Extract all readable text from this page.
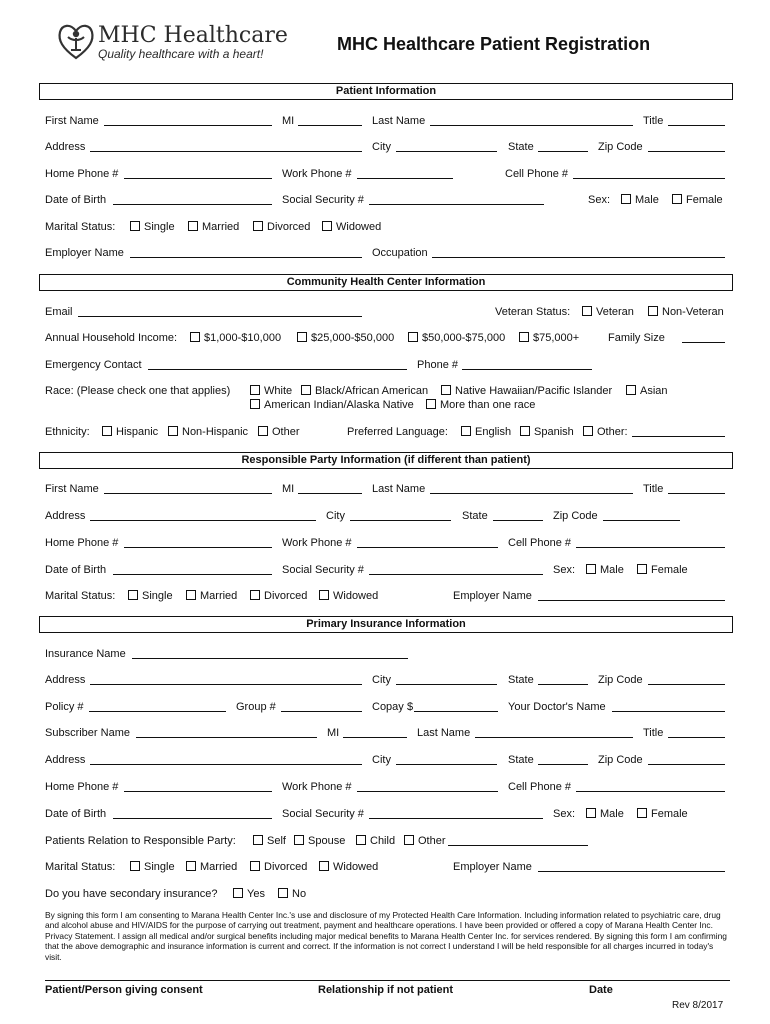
MHC Healthcare
Quality healthcare with a heart!	MHC Healthcare Patient Registration
Patient Information
First Name	MI	Last Name	Title
Address	City	State	Zip Code
Home Phone #	Work Phone #	Cell Phone #
Date of Birth	Social Security #	Sex:	Male	Female
Marital Status:	Single	Married	Divorced	Widowed
Employer Name	Occupation
Community Health Center Information
Email	Veteran Status:	Veteran	Non-Veteran
Annual Household Income:	$1,000-$10,000	$25,000-$50,000	$50,000-$75,000	$75,000+	Family Size
Emergency Contact	Phone #
Race: (Please check one that applies)	White	Black/African American	Native Hawaiian/Pacific Islander	Asian
American Indian/Alaska Native	More than one race
Ethnicity:	Hispanic	Non-Hispanic	Other	Preferred Language:	English	Spanish	Other:
Responsible Party Information (if different than patient)
First Name	MI	Last Name	Title
Address	City	State	Zip Code
Home Phone #	Work Phone #	Cell Phone #
Date of Birth	Social Security #	Sex:	Male	Female
Marital Status:	Single	Married	Divorced	Widowed	Employer Name
Primary Insurance Information
Insurance Name
Address	City	State	Zip Code
Policy #	Group #	Copay $	Your Doctor's Name
Subscriber Name	MI	Last Name	Title
Address	City	State	Zip Code
Home Phone #	Work Phone #	Cell Phone #
Date of Birth	Social Security #	Sex:	Male	Female
Patients Relation to Responsible Party:	Self	Spouse	Child	Other
Marital Status:	Single	Married	Divorced	Widowed	Employer Name
Do you have secondary insurance?	Yes	No
By signing this form I am consenting to Marana Health Center Inc.'s use and disclosure of my Protected Health Care Information. Including information related to psychiatric care, drug and alcohol abuse and HIV/AIDS for the purpose of carrying out treatment, payment and healthcare operations. I have been provided or offered a copy of Marana Health Center Inc. Privacy Statement. I assign all medical and/or surgical benefits including major medical benefits to Marana Health Center Inc. for services rendered. By signing this form I am confirming that the above demographic and insurance information is current and correct. If the information is not correct I understand I will be held responsible for all charges incurred in today's visit.
Patient/Person giving consent	Relationship if not patient	Date
Rev 8/2017
